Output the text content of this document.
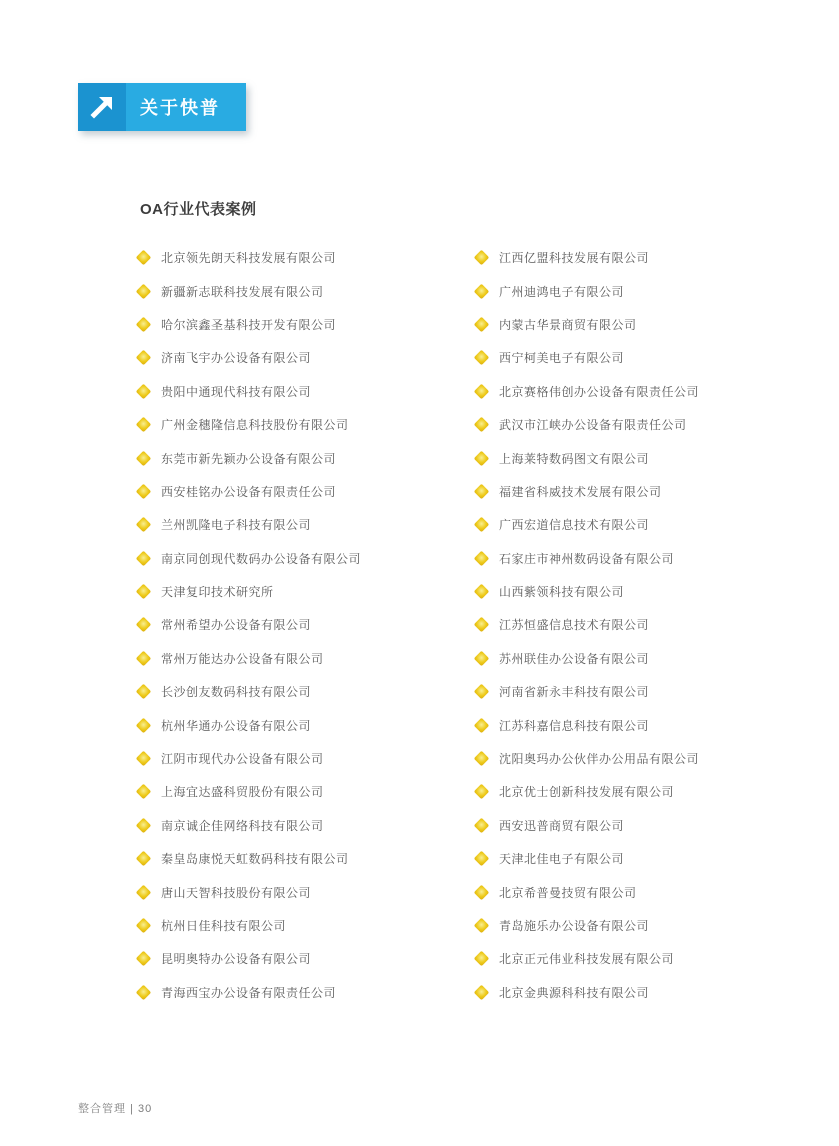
关于快普
OA行业代表案例
北京领先朗天科技发展有限公司
新疆新志联科技发展有限公司
哈尔滨鑫圣基科技开发有限公司
济南飞宇办公设备有限公司
贵阳中通现代科技有限公司
广州金穗隆信息科技股份有限公司
东莞市新先颖办公设备有限公司
西安桂铭办公设备有限责任公司
兰州凯隆电子科技有限公司
南京同创现代数码办公设备有限公司
天津复印技术研究所
常州希望办公设备有限公司
常州万能达办公设备有限公司
长沙创友数码科技有限公司
杭州华通办公设备有限公司
江阴市现代办公设备有限公司
上海宜达盛科贸股份有限公司
南京诚企佳网络科技有限公司
秦皇岛康悦天虹数码科技有限公司
唐山天智科技股份有限公司
杭州日佳科技有限公司
昆明奥特办公设备有限公司
青海西宝办公设备有限责任公司
江西亿盟科技发展有限公司
广州迪鸿电子有限公司
内蒙古华景商贸有限公司
西宁柯美电子有限公司
北京赛格伟创办公设备有限责任公司
武汉市江峡办公设备有限责任公司
上海莱特数码图文有限公司
福建省科威技术发展有限公司
广西宏道信息技术有限公司
石家庄市神州数码设备有限公司
山西紫领科技有限公司
江苏恒盛信息技术有限公司
苏州联佳办公设备有限公司
河南省新永丰科技有限公司
江苏科嘉信息科技有限公司
沈阳奥玛办公伙伴办公用品有限公司
北京优士创新科技发展有限公司
西安迅普商贸有限公司
天津北佳电子有限公司
北京希普曼技贸有限公司
青岛施乐办公设备有限公司
北京正元伟业科技发展有限公司
北京金典源科科技有限公司
整合管理 | 30
